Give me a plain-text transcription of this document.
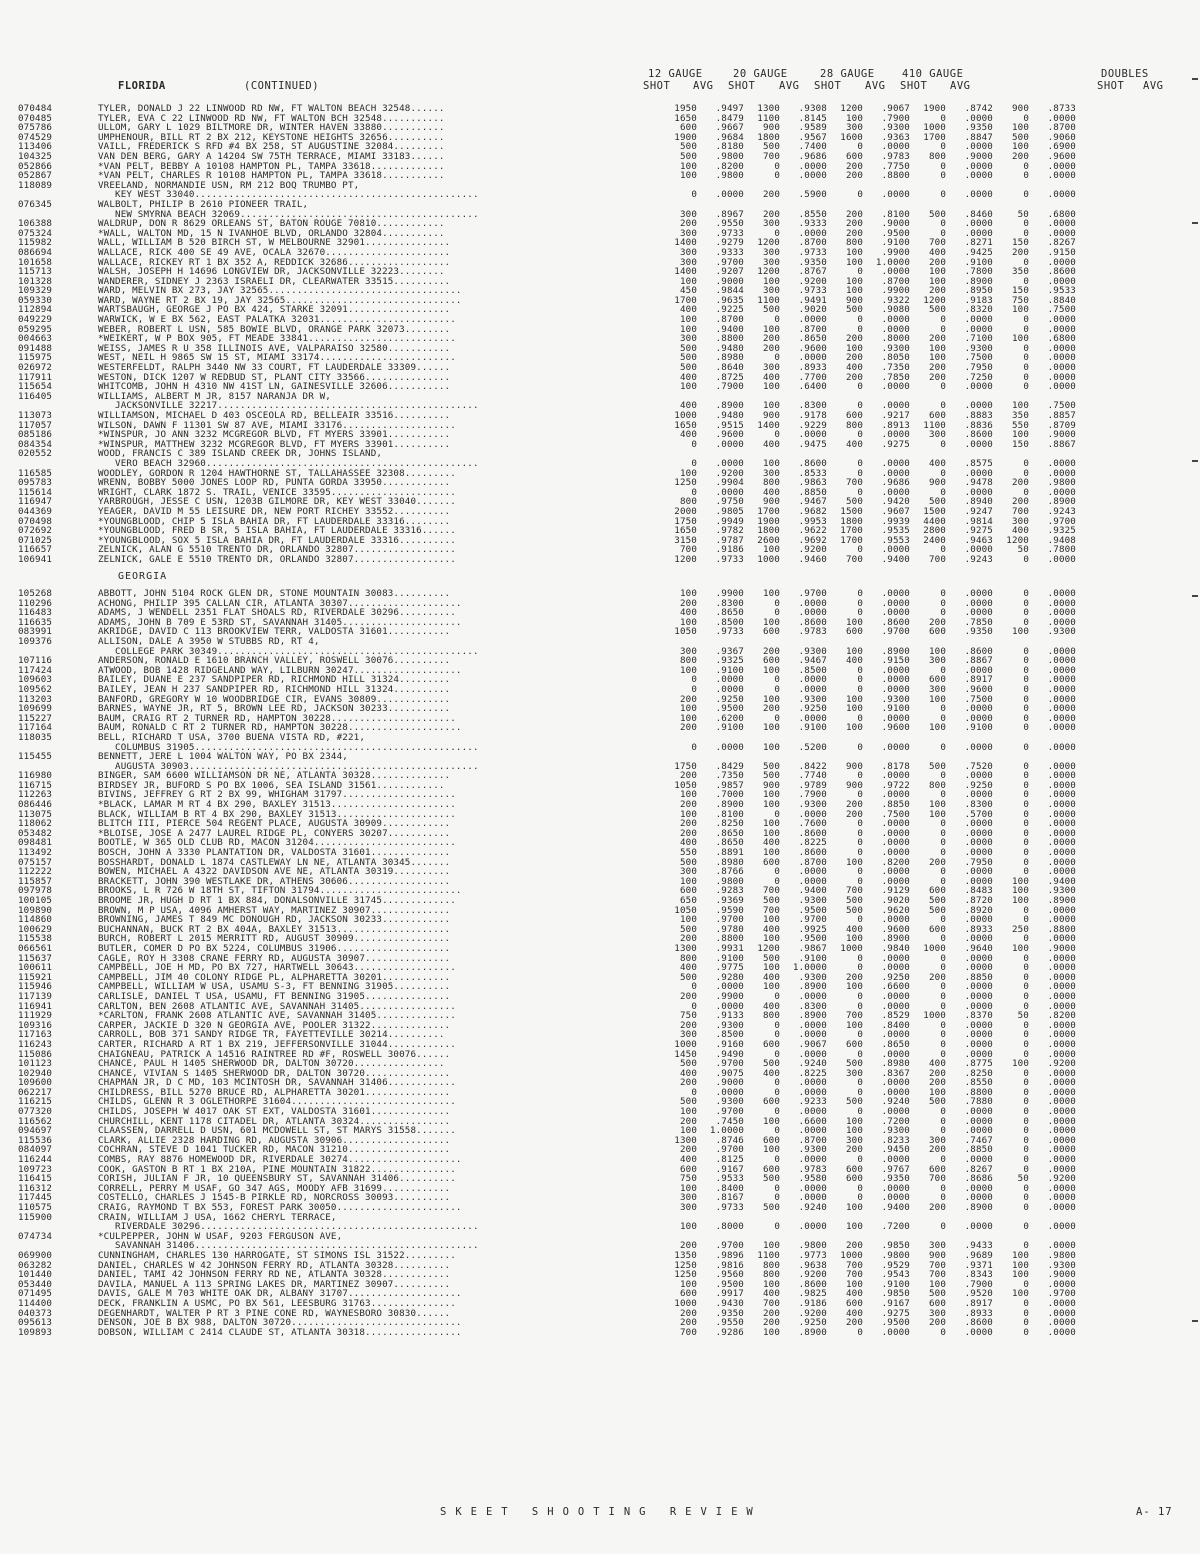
FLORIDA	(CONTINUED)
12 GAUGE	20 GAUGE	28 GAUGE	410 GAUGE	DOUBLES
SHOT AVG SHOT AVG SHOT AVG SHOT AVG	SHOT AVG
070484	TYLER, DONALD J 22 LINWOOD RD NW, FT WALTON BEACH 32548......		1950	.9497	1300	.9308	1200	.9067	1900	.8742	900	.8733
070485	TYLER, EVA C 22 LINWOOD RD NW, FT WALTON BCH 32548...........		1650	.8479	1100	.8145	100	.7900	0	.0000	0	.0000
075786	ULLOM, GARY L 1029 BILTMORE DR, WINTER HAVEN 33880...........		600	.9667	900	.9589	300	.9300	1000	.9350	100	.8700
074529	UMPHENOUR, BILL RT 2 BX 212, KEYSTONE HEIGHTS 32656..........		1900	.9684	1800	.9567	1600	.9363	1700	.8847	500	.9060
113406	VAILL, FREDERICK S RFD #4 BX 258, ST AUGUSTINE 32084.........		500	.8180	500	.7400	0	.0000	0	.0000	100	.6900
104325	VAN DEN BERG, GARY A 14204 SW 75TH TERRACE, MIAMI 33183......		500	.9800	700	.9686	600	.9783	800	.9000	200	.9600
052866	*VAN PELT, BEBBY A 10108 HAMPTON PL, TAMPA 33618.............		100	.8200	0	.0000	200	.7750	0	.0000	0	.0000
052867	*VAN PELT, CHARLES R 10108 HAMPTON PL, TAMPA 33618...........		100	.9800	0	.0000	200	.8800	0	.0000	0	.0000
118089	VREELAND, NORMANDIE USN, RM 212 BOQ TRUMBO PT,											
	KEY WEST 33040..................................................		0	.0000	200	.5900	0	.0000	0	.0000	0	.0000
076345	WALBOLT, PHILIP B 2610 PIONEER TRAIL,											
	NEW SMYRNA BEACH 32069..........................................		300	.8967	200	.8550	200	.8100	500	.8460	50	.6800
106388	WALDRUP, DON R 8629 ORLEANS ST, BATON ROUGE 70810............		200	.9550	300	.9333	200	.9000	0	.0000	0	.0000
075324	*WALL, WALTON MD, 15 N IVANHOE BLVD, ORLANDO 32804...........		300	.9733	0	.0000	200	.9500	0	.0000	0	.0000
115982	WALL, WILLIAM B 520 BIRCH ST, W MELBOURNE 32901...............		1400	.9279	1200	.8700	800	.9100	700	.8271	150	.8267
086694	WALLACE, RICK 400 SE 49 AVE, OCALA 32670......................		300	.9333	300	.9733	100	.9900	400	.9425	200	.9150
101658	WALLACE, RICKEY RT 1 BX 352 A, REDDICK 32686..................		300	.9700	300	.9350	100	1.0000	200	.9100	0	.0000
115713	WALSH, JOSEPH H 14696 LONGVIEW DR, JACKSONVILLE 32223........		1400	.9207	1200	.8767	0	.0000	100	.7800	350	.8600
101328	WANDERER, SIDNEY J 2363 ISRAELI DR, CLEARWATER 33515..........		100	.9000	100	.9200	100	.8700	100	.8900	0	.0000
109329	WARD, MELVIN BX 273, JAY 32565..................................		450	.9844	300	.9733	100	.9900	200	.8950	150	.9533
059330	WARD, WAYNE RT 2 BX 19, JAY 32565...............................		1700	.9635	1100	.9491	900	.9322	1200	.9183	750	.8840
112894	WARTSBAUGH, GEORGE J PO BX 424, STARKE 32091..................		400	.9225	500	.9020	500	.9080	500	.8320	100	.7500
049229	WARWICK, W E BX 562, EAST PALATKA 32031........................		100	.8700	0	.0000	0	.0000	0	.0000	0	.0000
059295	WEBER, ROBERT L USN, 585 BOWIE BLVD, ORANGE PARK 32073........		100	.9400	100	.8700	0	.0000	0	.0000	0	.0000
004663	*WEIKERT, W P BOX 905, FT MEADE 33841..........................		300	.8800	200	.8650	200	.8000	200	.7100	100	.6800
091488	WEISS, JAMES R U 358 ILLINOIS AVE, VALPARAISO 32580...........		500	.9480	200	.9600	100	.9300	100	.9300	0	.0000
115975	WEST, NEIL H 9865 SW 15 ST, MIAMI 33174........................		500	.8980	0	.0000	200	.8050	100	.7500	0	.0000
026972	WESTERFELDT, RALPH 3440 NW 33 COURT, FT LAUDERDALE 33309......		500	.8640	300	.8933	400	.7350	200	.7950	0	.0000
117911	WESTON, DICK 1207 W REDBUD ST, PLANT CITY 33566...............		400	.8725	400	.7700	200	.7850	200	.7250	0	.0000
115654	WHITCOMB, JOHN H 4310 NW 41ST LN, GAINESVILLE 32606...........		100	.7900	100	.6400	0	.0000	0	.0000	0	.0000
116405	WILLIAMS, ALBERT M JR, 8157 NARANJA DR W,											
	JACKSONVILLE 32217..............................................		400	.8900	100	.8300	0	.0000	0	.0000	100	.7500
113073	WILLIAMSON, MICHAEL D 403 OSCEOLA RD, BELLEAIR 33516..........		1000	.9480	900	.9178	600	.9217	600	.8883	350	.8857
117057	WILSON, DAWN F 11301 SW 87 AVE, MIAMI 33176....................		1650	.9515	1400	.9229	800	.8913	1100	.8836	550	.8709
085186	*WINSPUR, JO ANN 3232 MCGREGOR BLVD, FT MYERS 33901...........		400	.9600	0	.0000	0	.0000	300	.8600	100	.9000
084354	*WINSPUR, MATTHEW 3232 MCGREGOR BLVD, FT MYERS 33901..........		0	.0000	400	.9475	400	.9275	0	.0000	150	.8867
020552	WOOD, FRANCIS C 389 ISLAND CREEK DR, JOHNS ISLAND,											
	VERO BEACH 32960................................................		0	.0000	100	.8600	0	.0000	400	.8575	0	.0000
116585	WOODLEY, GORDON R 1204 HAWTHORNE ST, TALLAHASSEE 32308.........		100	.9200	300	.8533	0	.0000	0	.0000	0	.0000
095783	WRENN, BOBBY 5000 JONES LOOP RD, PUNTA GORDA 33950............		1250	.9904	800	.9863	700	.9686	900	.9478	200	.9800
115614	WRIGHT, CLARK 1872 S. TRAIL, VENICE 33595......................		0	.0000	400	.8850	0	.0000	0	.0000	0	.0000
116947	YARBROUGH, JESSE C USN, 1203B GILMORE DR, KEY WEST 33040.......		800	.9750	900	.9467	500	.9420	500	.8940	200	.8900
044369	YEAGER, DAVID M 55 LEISURE DR, NEW PORT RICHEY 33552..........		2000	.9805	1700	.9682	1500	.9607	1500	.9247	700	.9243
070498	*YOUNGBLOOD, CHIP 5 ISLA BAHIA DR, FT LAUDERDALE 33316........		1750	.9949	1900	.9953	1800	.9939	4400	.9814	300	.9700
072692	*YOUNGBLOOD, FRED B SR, 5 ISLA BAHIA, FT LAUDERDALE 33316......		1650	.9782	1800	.9622	1700	.9535	2800	.9275	400	.9325
071025	*YOUNGBLOOD, SOX 5 ISLA BAHIA DR, FT LAUDERDALE 33316..........		3150	.9787	2600	.9692	1700	.9553	2400	.9463	1200	.9408
116657	ZELNICK, ALAN G 5510 TRENTO DR, ORLANDO 32807..................		700	.9186	100	.9200	0	.0000	0	.0000	50	.7800
106941	ZELNICK, GALE E 5510 TRENTO DR, ORLANDO 32807..................		1200	.9733	1000	.9460	700	.9400	700	.9243	0	.0000
GEORGIA
105268	ABBOTT, JOHN 5104 ROCK GLEN DR, STONE MOUNTAIN 30083..........		100	.9900	100	.9700	0	.0000	0	.0000	0	.0000
110296	ACHONG, PHILIP 395 CALLAN CIR, ATLANTA 30307....................		200	.8300	0	.0000	0	.0000	0	.0000	0	.0000
116483	ADAMS, J WENDELL 2351 FLAT SHOALS RD, RIVERDALE 30296..........		400	.8650	0	.0000	0	.0000	0	.0000	0	.0000
116635	ADAMS, JOHN B 709 E 53RD ST, SAVANNAH 31405.....................		100	.8500	100	.8600	100	.8600	200	.7850	0	.0000
083991	AKRIDGE, DAVID C 113 BROOKVIEW TERR, VALDOSTA 31601...........		1050	.9733	600	.9783	600	.9700	600	.9350	100	.9300
109376	ALLISON, DALE A 3950 W STUBBS RD, RT 4,											
	COLLEGE PARK 30349..............................................		300	.9367	200	.9300	100	.8900	100	.8600	0	.0000
107116	ANDERSON, RONALD E 1610 BRANCH VALLEY, ROSWELL 30076..........		800	.9325	600	.9467	400	.9150	300	.8867	0	.0000
117424	ATWOOD, BOB 1428 RIDGELAND WAY, LILBURN 30247...................		100	.9100	100	.8500	0	.0000	0	.0000	0	.0000
109603	BAILEY, DUANE E 237 SANDPIPER RD, RICHMOND HILL 31324.........		0	.0000	0	.0000	0	.0000	600	.8917	0	.0000
109562	BAILEY, JEAN H 237 SANDPIPER RD, RICHMOND HILL 31324..........		0	.0000	0	.0000	0	.0000	300	.9600	0	.0000
113203	BANFORD, GREGORY W 10 WOODBRIDGE CIR, EVANS 30809.............		200	.9250	100	.9300	100	.9300	100	.7500	0	.0000
109699	BARNES, WAYNE JR, RT 5, BROWN LEE RD, JACKSON 30233...........		100	.9500	200	.9250	100	.9100	0	.0000	0	.0000
115227	BAUM, CRAIG RT 2 TURNER RD, HAMPTON 30228......................		100	.6200	0	.0000	0	.0000	0	.0000	0	.0000
117164	BAUM, RONALD C RT 2 TURNER RD, HAMPTON 30228....................		200	.9100	100	.9100	100	.9600	100	.9100	0	.0000
118035	BELL, RICHARD T USA, 3700 BUENA VISTA RD, #221,											
	COLUMBUS 31905..................................................		0	.0000	100	.5200	0	.0000	0	.0000	0	.0000
115455	BENNETT, JERE L 1004 WALTON WAY, PO BX 2344,											
	AUGUSTA 30903...................................................		1750	.8429	500	.8422	900	.8178	500	.7520	0	.0000
116980	BINGER, SAM 6600 WILLIAMSON DR NE, ATLANTA 30328..............		200	.7350	500	.7740	0	.0000	0	.0000	0	.0000
116715	BIRDSEY JR, BUFORD S PO BX 1006, SEA ISLAND 31561............		1050	.9857	900	.9789	900	.9722	800	.9250	0	.0000
112263	BIVINS, JEFFREY G RT 2 BX 99, WHIGHAM 31797....................		100	.7000	100	.7900	0	.0000	0	.0000	0	.0000
086446	*BLACK, LAMAR M RT 4 BX 290, BAXLEY 31513......................		200	.8900	100	.9300	200	.8850	100	.8300	0	.0000
113075	BLACK, WILLIAM B RT 4 BX 290, BAXLEY 31513.....................		100	.8100	0	.0000	200	.7500	100	.5700	0	.0000
118062	BLITCH III, PIERCE 504 REGENT PLACE, AUGUSTA 30909............		200	.8250	100	.7600	0	.0000	0	.0000	0	.0000
053482	*BLOISE, JOSE A 2477 LAUREL RIDGE PL, CONYERS 30207...........		200	.8650	100	.8600	0	.0000	0	.0000	0	.0000
098481	BOOTLE, W 365 OLD CLUB RD, MACON 31204.........................		400	.8650	400	.8225	0	.0000	0	.0000	0	.0000
113492	BOSCH, JOHN A 3330 PLANTATION DR, VALDOSTA 31601..............		550	.8891	100	.8600	0	.0000	0	.0000	0	.0000
075157	BOSSHARDT, DONALD L 1874 CASTLEWAY LN NE, ATLANTA 30345.......		500	.8980	600	.8700	100	.8200	200	.7950	0	.0000
112222	BOWEN, MICHAEL A 4322 DAVIDSON AVE NE, ATLANTA 30319..........		300	.8766	0	.0000	0	.0000	0	.0000	0	.0000
115857	BRACKETT, JOHN 390 WESTLAKE DR, ATHENS 30606..................		100	.9800	0	.0000	0	.0000	0	.0000	100	.9400
097978	BROOKS, L R 726 W 18TH ST, TIFTON 31794.........................		600	.9283	700	.9400	700	.9129	600	.8483	100	.9300
100105	BROOME JR, HUGH D RT 1 BX 884, DONALSONVILLE 31745.............		650	.9369	500	.9300	500	.9020	500	.8720	100	.8900
109890	BROWN, M P USA, 4096 AMHERST WAY, MARTINEZ 30907..............		1050	.9590	700	.9500	500	.9620	500	.8920	0	.0000
114860	BROWNING, JAMES T 849 MC DONOUGH RD, JACKSON 30233............		100	.9700	100	.9700	0	.0000	0	.0000	0	.0000
100629	BUCHANNAN, BUCK RT 2 BX 404A, BAXLEY 31513....................		500	.9780	400	.9925	400	.9600	600	.8933	250	.8800
115538	BURCH, ROBERT L 2015 MERRITT RD, AUGUST 30909.................		200	.8800	100	.9500	100	.8900	0	.0000	0	.0000
066561	BUTLER, COMER D PO BX 5224, COLUMBUS 31906....................		1300	.9931	1200	.9867	1000	.9840	1000	.9640	100	.9000
115637	CAGLE, ROY H 3308 CRANE FERRY RD, AUGUSTA 30907...............		800	.9100	500	.9100	0	.0000	0	.0000	0	.0000
100611	CAMPBELL, JOE H MD, PO BX 727, HARTWELL 30643..................		400	.9775	100	1.0000	0	.0000	0	.0000	0	.0000
115921	CAMPBELL, JIM 40 COLONY RIDGE PL, ALPHARETTA 30201............		500	.9280	400	.9300	200	.9250	200	.8850	0	.0000
115946	CAMPBELL, WILLIAM W USA, USAMU S-3, FT BENNING 31905..........		0	.0000	100	.8900	100	.6600	0	.0000	0	.0000
117139	CARLISLE, DANIEL T USA, USAMU, FT BENNING 31905...............		200	.9900	0	.0000	0	.0000	0	.0000	0	.0000
116941	CARLTON, BEN 2608 ATLANTIC AVE, SAVANNAH 31405.................		0	.0000	400	.8300	0	.0000	0	.0000	0	.0000
111929	*CARLTON, FRANK 2608 ATLANTIC AVE, SAVANNAH 31405..............		750	.9133	800	.8900	700	.8529	1000	.8370	50	.8200
109316	CARPER, JACKIE D 320 N GEORGIA AVE, POOLER 31322..............		200	.9300	0	.0000	100	.8400	0	.0000	0	.0000
117163	CARROLL, BOB 371 SANDY RIDGE TR, FAYETTEVILLE 30214..........		300	.8500	0	.0000	0	.0000	0	.0000	0	.0000
116243	CARTER, RICHARD A RT 1 BX 219, JEFFERSONVILLE 31044............		1000	.9160	600	.9067	600	.8650	0	.0000	0	.0000
115086	CHAIGNEAU, PATRICK A 14516 RAINTREE RD #F, ROSWELL 30076......		1450	.9490	0	.0000	0	.0000	0	.0000	0	.0000
101123	CHANCE, PAUL H 1405 SHERWOOD DR, DALTON 30720................		500	.9700	500	.9240	500	.8980	400	.8775	100	.9200
102940	CHANCE, VIVIAN S 1405 SHERWOOD DR, DALTON 30720...............		400	.9075	400	.8225	300	.8367	200	.8250	0	.0000
109600	CHAPMAN JR, D C MD, 103 MCINTOSH DR, SAVANNAH 31406............		200	.9000	0	.0000	0	.0000	200	.8550	0	.0000
062217	CHILDRESS, BILL 5270 BRUCE RD, ALPHARETTA 30201...............		0	.0000	0	.0000	0	.0000	100	.8800	0	.0000
116215	CHILDS, GLENN R 3 OGLETHORPE 31604.............................		500	.9300	600	.9233	500	.9240	500	.7880	0	.0000
077320	CHILDS, JOSEPH W 4017 OAK ST EXT, VALDOSTA 31601..............		100	.9700	0	.0000	0	.0000	0	.0000	0	.0000
116562	CHURCHILL, KENT 1178 CITADEL DR, ATLANTA 30324................		200	.7450	100	.6600	100	.7200	0	.0000	0	.0000
094697	CLAASSEN, DARRELL D USN, 601 MCDOWELL ST, ST MARYS 31558.......		100	1.0000	0	.0000	100	.9300	0	.0000	0	.0000
115536	CLARK, ALLIE 2328 HARDING RD, AUGUSTA 30906...................		1300	.8746	600	.8700	300	.8233	300	.7467	0	.0000
084097	COCHRAN, STEVE D 1041 TUCKER RD, MACON 31210..................		200	.9700	100	.9300	200	.9450	200	.8850	0	.0000
116244	COMBS, RAY 8876 HOMEWOOD DR, RIVERDALE 30274....................		400	.8125	0	.0000	0	.0000	0	.0000	0	.0000
109723	COOK, GASTON B RT 1 BX 210A, PINE MOUNTAIN 31822...............		600	.9167	600	.9783	600	.9767	600	.8267	0	.0000
116415	CORISH, JULIAN F JR, 10 QUEENSBURY ST, SAVANNAH 31406..........		750	.9533	500	.9580	600	.9350	700	.8686	50	.9200
116312	CORRELL, PERRY M USAF, GO 347 AGS, MOODY AFB 31699............		100	.8400	0	.0000	0	.0000	0	.0000	0	.0000
117445	COSTELLO, CHARLES J 1545-B PIRKLE RD, NORCROSS 30093..........		300	.8167	0	.0000	0	.0000	0	.0000	0	.0000
110575	CRAIG, RAYMOND T BX 553, FOREST PARK 30050......................		300	.9733	500	.9240	100	.9400	200	.8900	0	.0000
115900	CRAIN, WILLIAM J USA, 1662 CHERYL TERRACE,											
	RIVERDALE 30296.................................................		100	.8000	0	.0000	100	.7200	0	.0000	0	.0000
074734	*CULPEPPER, JOHN W USAF, 9203 FERGUSON AVE,											
	SAVANNAH 31406..................................................		200	.9700	100	.9800	200	.9850	300	.9433	0	.0000
069900	CUNNINGHAM, CHARLES 130 HARROGATE, ST SIMONS ISL 31522.........		1350	.9896	1100	.9773	1000	.9800	900	.9689	100	.9800
063282	DANIEL, CHARLES W 42 JOHNSON FERRY RD, ATLANTA 30328..........		1250	.9816	800	.9638	700	.9529	700	.9371	100	.9300
101440	DANIEL, TAMI 42 JOHNSON FERRY RD NE, ATLANTA 30328............		1250	.9560	800	.9200	700	.9543	700	.8343	100	.9000
053440	DAVILA, MANUEL A 113 SPRING LAKES DR, MARTINEZ 30907..........		100	.9500	100	.8600	100	.9100	100	.7900	0	.0000
071495	DAVIS, GALE M 703 WHITE OAK DR, ALBANY 31707....................		600	.9917	400	.9825	400	.9850	500	.9520	100	.9700
114400	DECK, FRANKLIN A USMC, PO BX 561, LEESBURG 31763...............		1000	.9430	700	.9186	600	.9167	600	.8917	0	.0000
040373	DEGENHARDT, WALTER P RT 3 PINE CONE RD, WAYNESBORO 30830......		200	.9350	200	.9200	400	.9275	300	.8933	0	.0000
095613	DENSON, JOE B BX 988, DALTON 30720..............................		200	.9550	200	.9250	200	.9500	200	.8600	0	.0000
109893	DOBSON, WILLIAM C 2414 CLAUDE ST, ATLANTA 30318.................		700	.9286	100	.8900	0	.0000	0	.0000	0	.0000
SKEET SHOOTING REVIEW	A- 17
